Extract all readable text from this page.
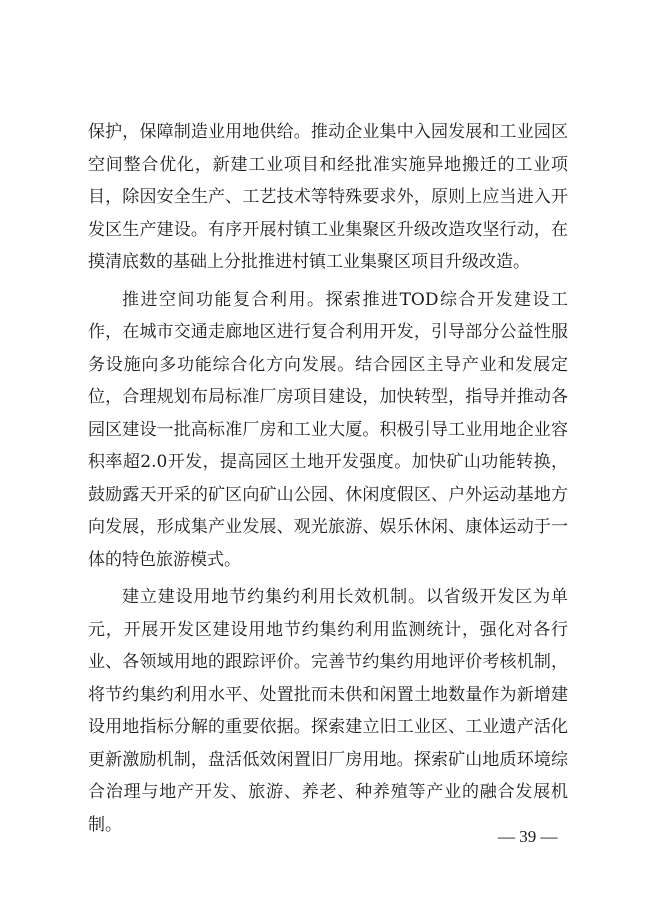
保护，保障制造业用地供给。推动企业集中入园发展和工业园区空间整合优化，新建工业项目和经批准实施异地搬迁的工业项目，除因安全生产、工艺技术等特殊要求外，原则上应当进入开发区生产建设。有序开展村镇工业集聚区升级改造攻坚行动，在摸清底数的基础上分批推进村镇工业集聚区项目升级改造。

推进空间功能复合利用。探索推进TOD综合开发建设工作，在城市交通走廊地区进行复合利用开发，引导部分公益性服务设施向多功能综合化方向发展。结合园区主导产业和发展定位，合理规划布局标准厂房项目建设，加快转型，指导并推动各园区建设一批高标准厂房和工业大厦。积极引导工业用地企业容积率超2.0开发，提高园区土地开发强度。加快矿山功能转换，鼓励露天开采的矿区向矿山公园、休闲度假区、户外运动基地方向发展，形成集产业发展、观光旅游、娱乐休闲、康体运动于一体的特色旅游模式。

建立建设用地节约集约利用长效机制。以省级开发区为单元，开展开发区建设用地节约集约利用监测统计，强化对各行业、各领域用地的跟踪评价。完善节约集约用地评价考核机制，将节约集约利用水平、处置批而未供和闲置土地数量作为新增建设用地指标分解的重要依据。探索建立旧工业区、工业遗产活化更新激励机制，盘活低效闲置旧厂房用地。探索矿山地质环境综合治理与地产开发、旅游、养老、种养殖等产业的融合发展机制。

— 39 —
